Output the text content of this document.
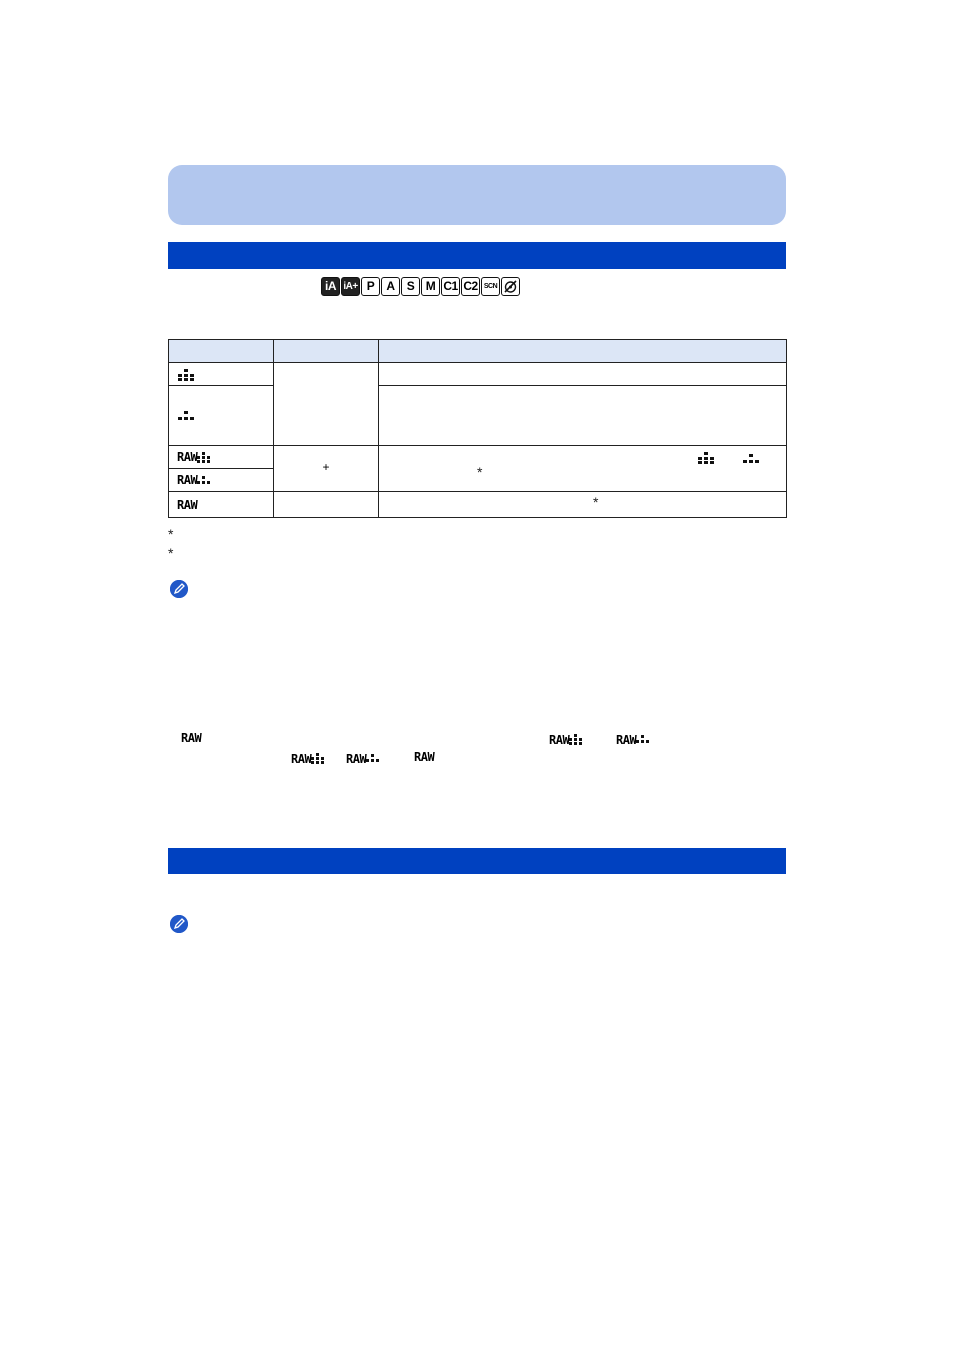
iA iA+ P	A	S M C1 C2 SCN

RAW	+	*

RAW		
RAW		*
*
*
RAW	RAW	RAW
RAW	RAW	RAW
